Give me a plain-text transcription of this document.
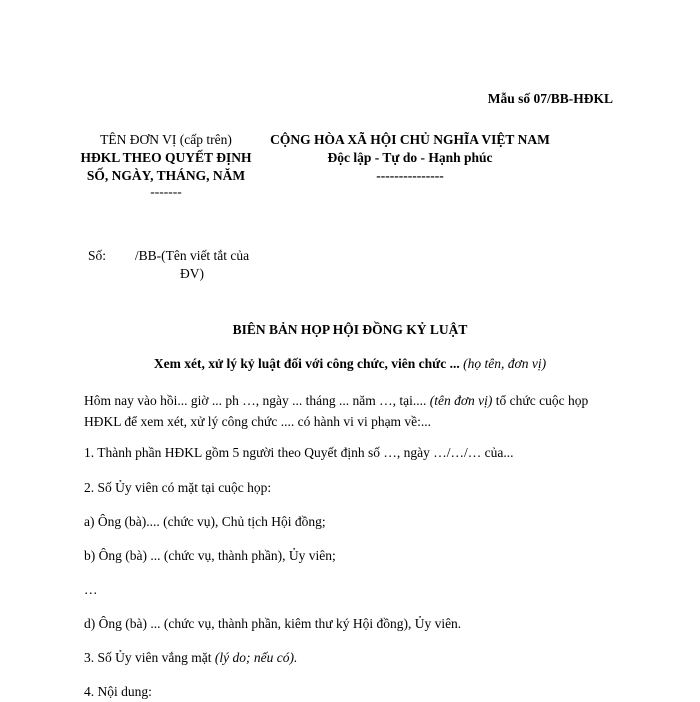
Mẫu số 07/BB-HĐKL
TÊN ĐƠN VỊ (cấp trên)
HĐKL THEO QUYẾT ĐỊNH
SỐ, NGÀY, THÁNG, NĂM
-------
CỘNG HÒA XÃ HỘI CHỦ NGHĨA VIỆT NAM
Độc lập - Tự do - Hạnh phúc
---------------
Số: /BB-(Tên viết tắt của ĐV)
BIÊN BẢN HỌP HỘI ĐỒNG KỶ LUẬT
Xem xét, xử lý kỷ luật đối với công chức, viên chức ... (họ tên, đơn vị)
Hôm nay vào hồi... giờ ... ph …, ngày ... tháng ... năm …, tại.... (tên đơn vị) tổ chức cuộc họp HĐKL để xem xét, xử lý công chức .... có hành vi vi phạm về:...
1. Thành phần HĐKL gồm 5 người theo Quyết định số …, ngày …/…/… của...
2. Số Ủy viên có mặt tại cuộc họp:
a) Ông (bà).... (chức vụ), Chủ tịch Hội đồng;
b) Ông (bà) ... (chức vụ, thành phần), Ủy viên;
…
d) Ông (bà) ... (chức vụ, thành phần, kiêm thư ký Hội đồng), Ủy viên.
3. Số Ủy viên vắng mặt (lý do; nếu có).
4. Nội dung:
